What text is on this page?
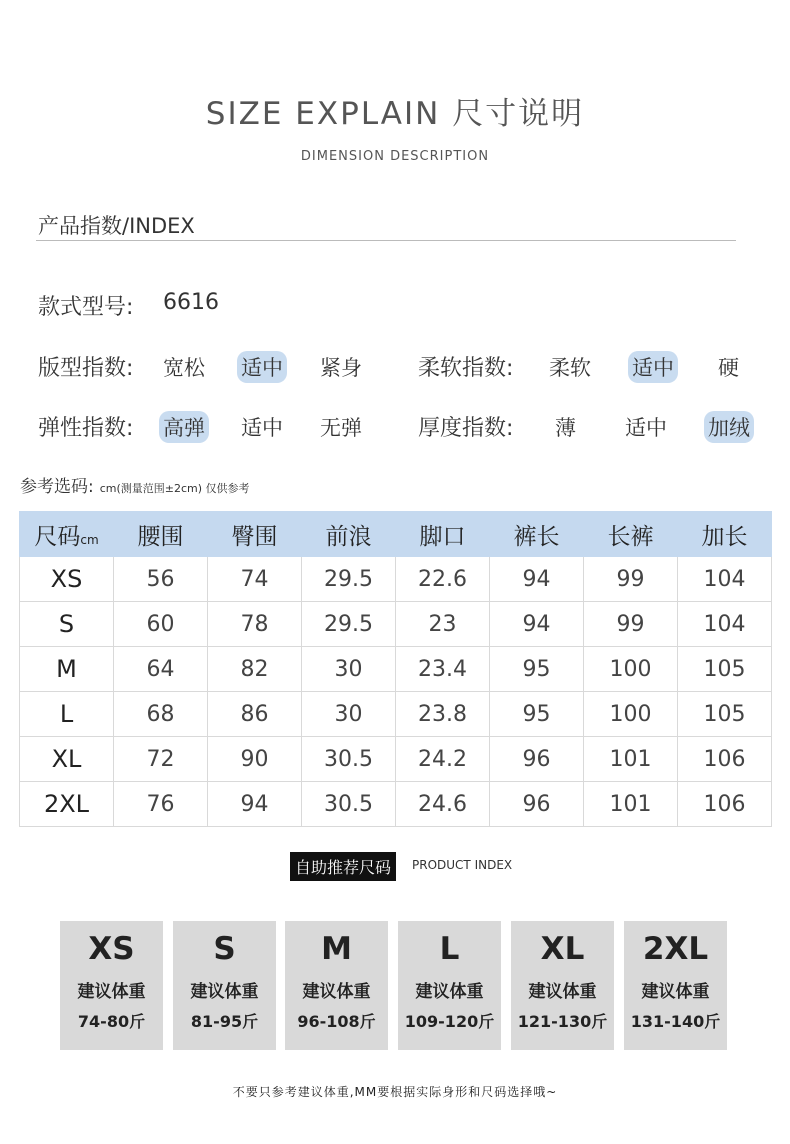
SIZE EXPLAIN 尺寸说明
DIMENSION DESCRIPTION
产品指数/INDEX
款式型号: 6616
版型指数: 宽松 适中 紧身	柔软指数: 柔软 适中 硬
弹性指数: 高弹 适中 无弹	厚度指数: 薄 适中 加绒
参考选码: cm(测量范围±2cm) 仅供参考
尺码cm	腰围	臀围	前浪	脚口	裤长	长裤	加长
XS	56	74	29.5	22.6	94	99	104
S	60	78	29.5	23	94	99	104
M	64	82	30	23.4	95	100	105
L	68	86	30	23.8	95	100	105
XL	72	90	30.5	24.2	96	101	106
2XL	76	94	30.5	24.6	96	101	106
自助推荐尺码	PRODUCT INDEX
XS
建议体重
74-80斤
S
建议体重
81-95斤
M
建议体重
96-108斤
L
建议体重
109-120斤
XL
建议体重
121-130斤
2XL
建议体重
131-140斤
不要只参考建议体重,MM要根据实际身形和尺码选择哦~
